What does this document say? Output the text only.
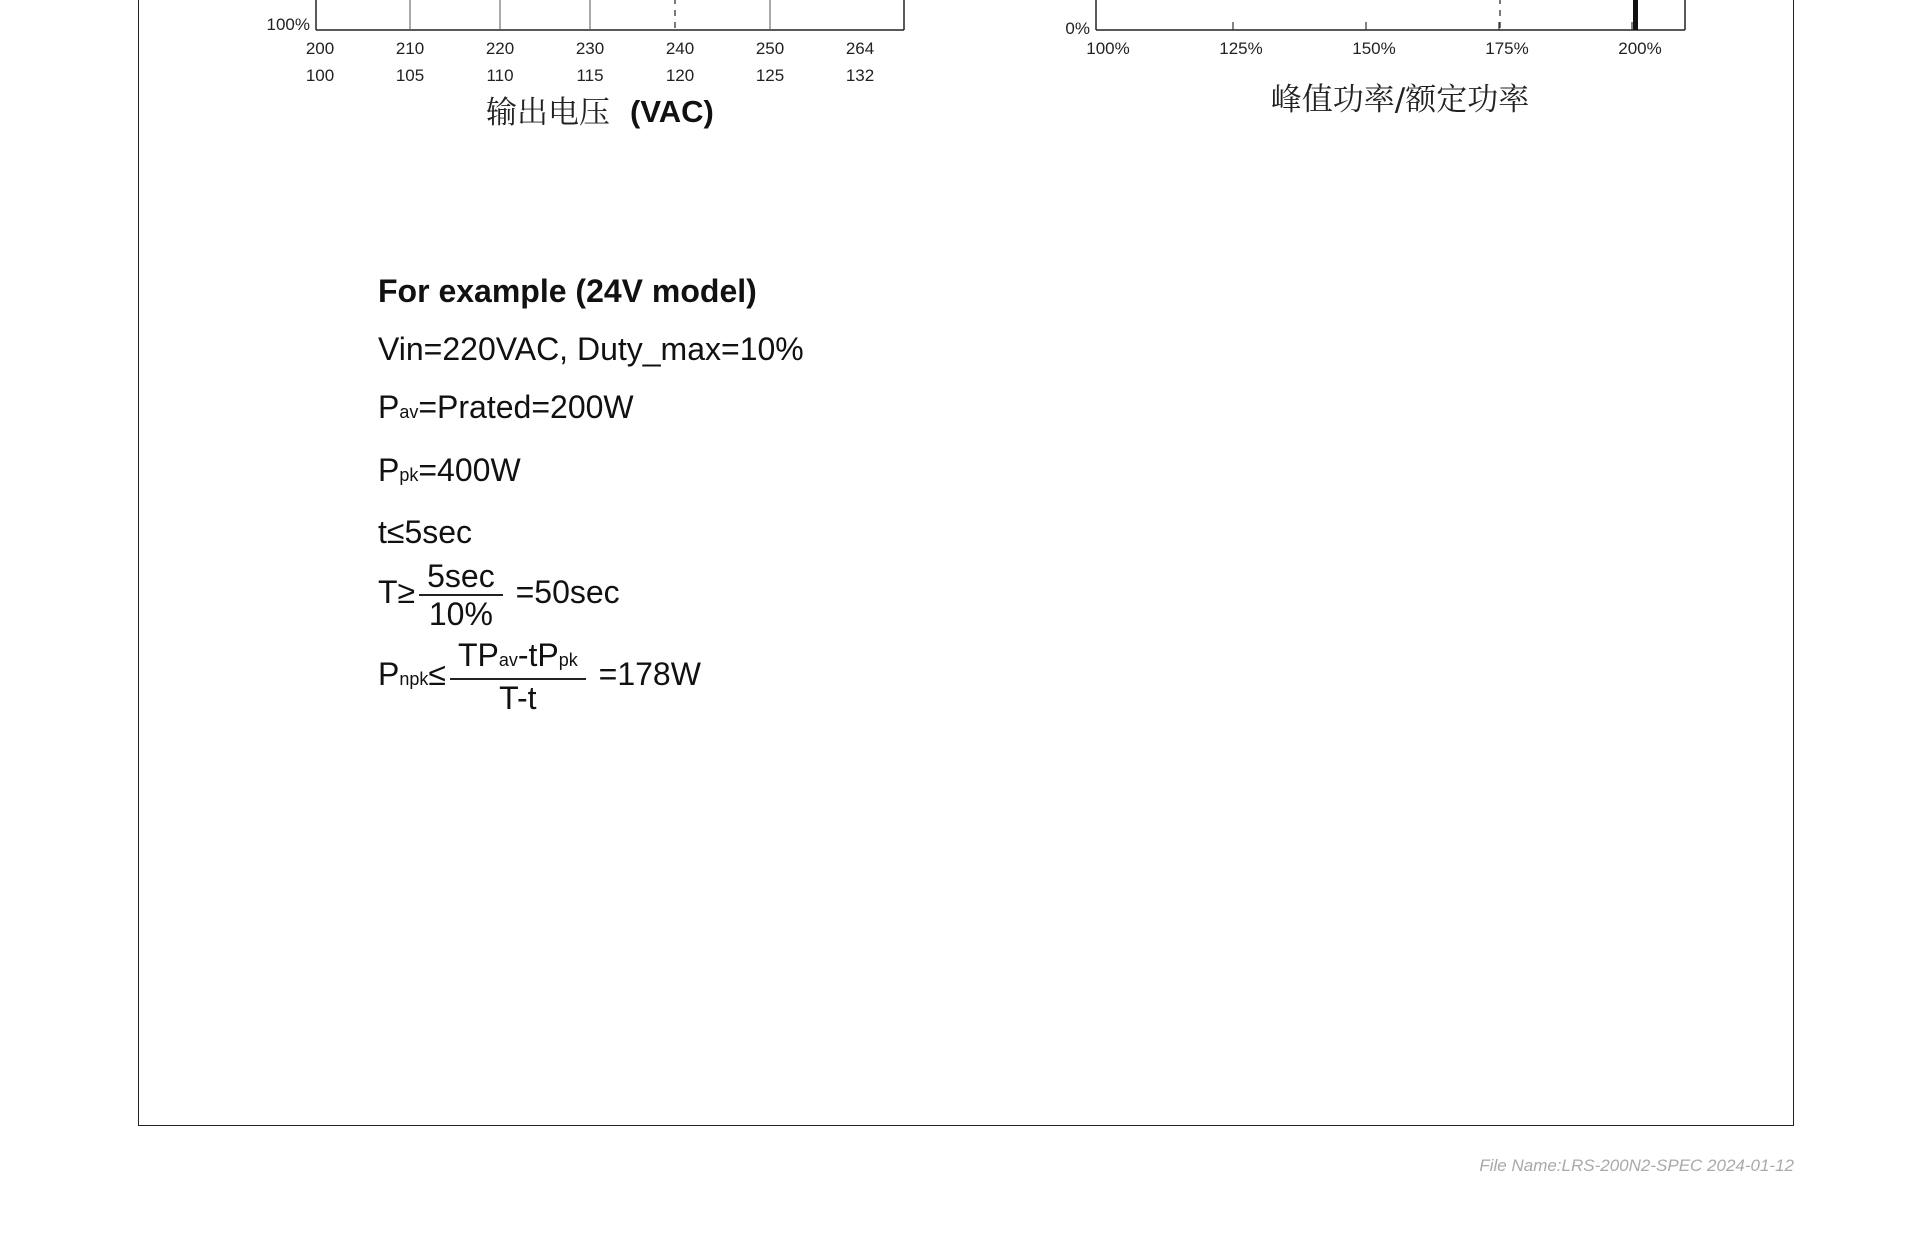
100%
200
100
210
105
220
110
230
115
240
120
250
125
264
132
输出电压 (VAC)
0%
100%	125%	150%	175%	200%
峰值功率/额定功率
For example (24V model)
Vin=220VAC, Duty_max=10%
Pav=Prated=200W
Ppk=400W
t≤5sec
$T\ge \frac{5\sec}{10\%} =50\sec$
Pnpk≤ $\frac{\text{TPav-tPpk}}{T-t} =178W$
File Name:LRS-200N2-SPEC 2024-01-12
